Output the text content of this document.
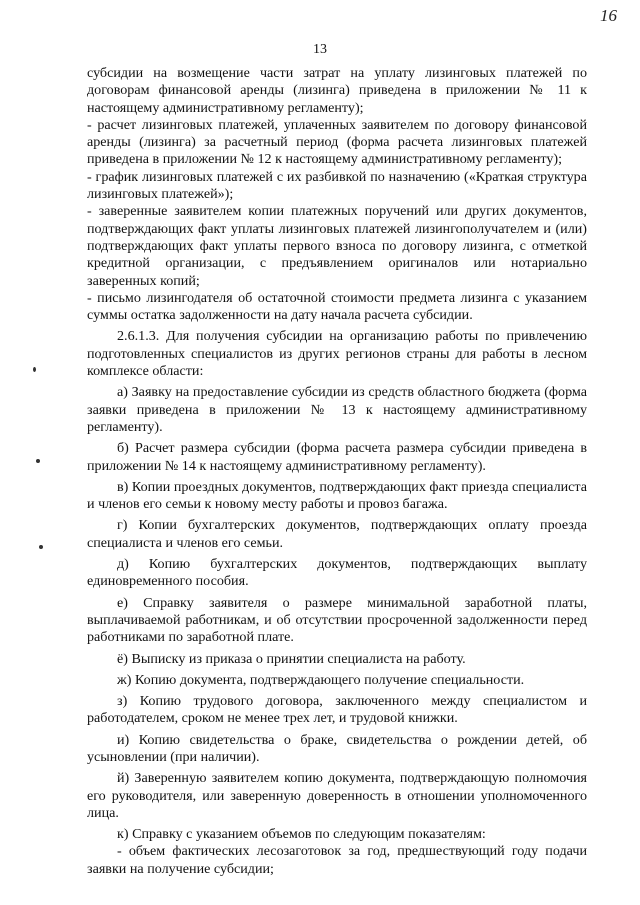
13
16

субсидии на возмещение части затрат на уплату лизинговых платежей по договорам финансовой аренды (лизинга) приведена в приложении № 11 к настоящему административному регламенту);

- расчет лизинговых платежей, уплаченных заявителем по договору финансовой аренды (лизинга) за расчетный период (форма расчета лизинговых платежей приведена в приложении № 12 к настоящему административному регламенту);

- график лизинговых платежей с их разбивкой по назначению («Краткая структура лизинговых платежей»);

- заверенные заявителем копии платежных поручений или других документов, подтверждающих факт уплаты лизинговых платежей лизингополучателем и (или) подтверждающих факт уплаты первого взноса по договору лизинга, с отметкой кредитной организации, с предъявлением оригиналов или нотариально заверенных копий;

- письмо лизингодателя об остаточной стоимости предмета лизинга с указанием суммы остатка задолженности на дату начала расчета субсидии.

2.6.1.3. Для получения субсидии на организацию работы по привлечению подготовленных специалистов из других регионов страны для работы в лесном комплексе области:

а) Заявку на предоставление субсидии из средств областного бюджета (форма заявки приведена в приложении № 13 к настоящему административному регламенту).

б) Расчет размера субсидии (форма расчета размера субсидии приведена в приложении № 14 к настоящему административному регламенту).

в) Копии проездных документов, подтверждающих факт приезда специалиста и членов его семьи к новому месту работы и провоз багажа.

г) Копии бухгалтерских документов, подтверждающих оплату проезда специалиста и членов его семьи.

д) Копию бухгалтерских документов, подтверждающих выплату единовременного пособия.

е) Справку заявителя о размере минимальной заработной платы, выплачиваемой работникам, и об отсутствии просроченной задолженности перед работниками по заработной плате.

ё) Выписку из приказа о принятии специалиста на работу.

ж) Копию документа, подтверждающего получение специальности.

з) Копию трудового договора, заключенного между специалистом и работодателем, сроком не менее трех лет, и трудовой книжки.

и) Копию свидетельства о браке, свидетельства о рождении детей, об усыновлении (при наличии).

й) Заверенную заявителем копию документа, подтверждающую полномочия его руководителя, или заверенную доверенность в отношении уполномоченного лица.

к) Справку с указанием объемов по следующим показателям:

- объем фактических лесозаготовок за год, предшествующий году подачи заявки на получение субсидии;
